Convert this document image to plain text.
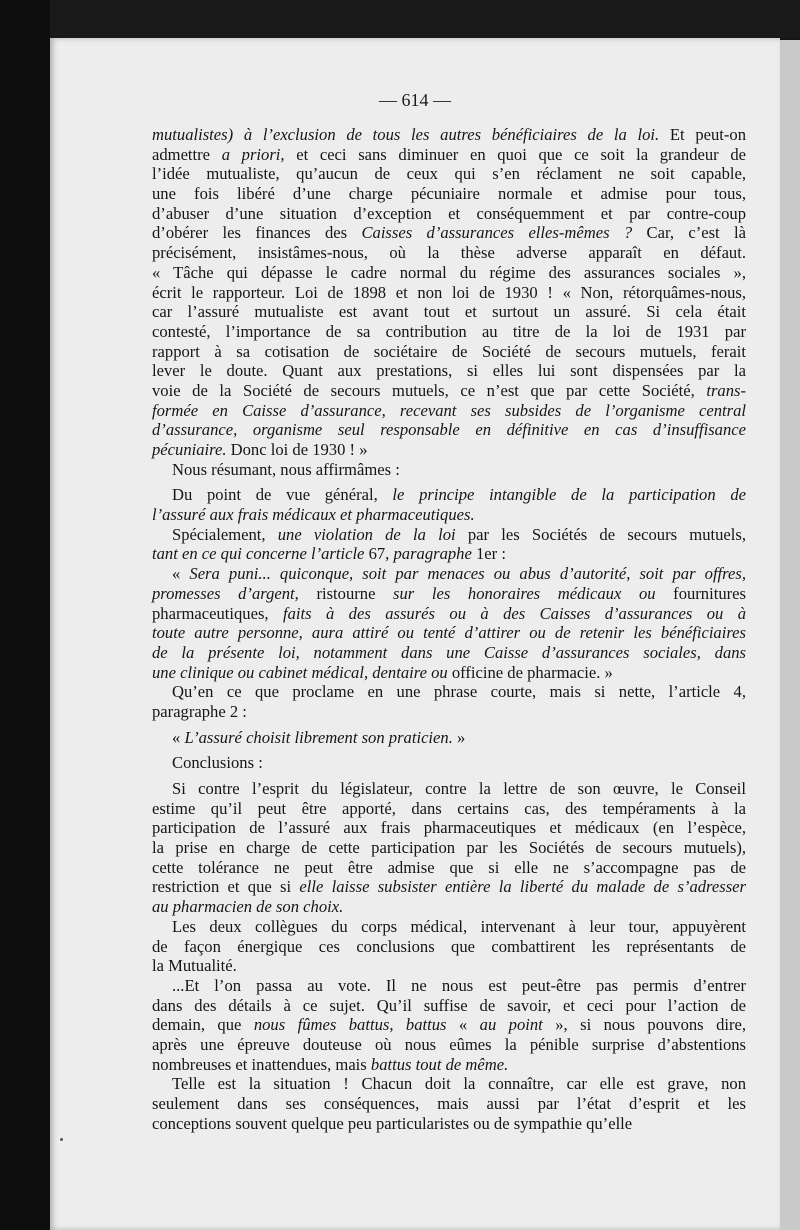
— 614 —
mutualistes) à l’exclusion de tous les autres bénéficiaires de la loi. Et peut-on
admettre a priori, et ceci sans diminuer en quoi que ce soit la grandeur de
l’idée mutualiste, qu’aucun de ceux qui s’en réclament ne soit capable,
une fois libéré d’une charge pécuniaire normale et admise pour tous,
d’abuser d’une situation d’exception et conséquemment et par contre-coup
d’obérer les finances des Caisses d’assurances elles-mêmes ? Car, c’est là
précisément, insistâmes-nous, où la thèse adverse apparaît en défaut.
« Tâche qui dépasse le cadre normal du régime des assurances sociales »,
écrit le rapporteur. Loi de 1898 et non loi de 1930 ! « Non, rétorquâmes-nous,
car l’assuré mutualiste est avant tout et surtout un assuré. Si cela était
contesté, l’importance de sa contribution au titre de la loi de 1931 par
rapport à sa cotisation de sociétaire de Société de secours mutuels, ferait
lever le doute. Quant aux prestations, si elles lui sont dispensées par la
voie de la Société de secours mutuels, ce n’est que par cette Société, trans-
formée en Caisse d’assurance, recevant ses subsides de l’organisme central
d’assurance, organisme seul responsable en définitive en cas d’insuffisance
pécuniaire. Donc loi de 1930 ! »
Nous résumant, nous affirmâmes :
Du point de vue général, le principe intangible de la participation de
l’assuré aux frais médicaux et pharmaceutiques.
Spécialement, une violation de la loi par les Sociétés de secours mutuels,
tant en ce qui concerne l’article 67, paragraphe 1er :
« Sera puni... quiconque, soit par menaces ou abus d’autorité, soit par offres,
promesses d’argent, ristourne sur les honoraires médicaux ou fournitures
pharmaceutiques, faits à des assurés ou à des Caisses d’assurances ou à
toute autre personne, aura attiré ou tenté d’attirer ou de retenir les bénéficiaires
de la présente loi, notamment dans une Caisse d’assurances sociales, dans
une clinique ou cabinet médical, dentaire ou officine de pharmacie. »
Qu’en ce que proclame en une phrase courte, mais si nette, l’article 4,
paragraphe 2 :
« L’assuré choisit librement son praticien. »
Conclusions :
Si contre l’esprit du législateur, contre la lettre de son œuvre, le Conseil
estime qu’il peut être apporté, dans certains cas, des tempéraments à la
participation de l’assuré aux frais pharmaceutiques et médicaux (en l’espèce,
la prise en charge de cette participation par les Sociétés de secours mutuels),
cette tolérance ne peut être admise que si elle ne s’accompagne pas de
restriction et que si elle laisse subsister entière la liberté du malade de s’adresser
au pharmacien de son choix.
Les deux collègues du corps médical, intervenant à leur tour, appuyèrent
de façon énergique ces conclusions que combattirent les représentants de
la Mutualité.
...Et l’on passa au vote. Il ne nous est peut-être pas permis d’entrer
dans des détails à ce sujet. Qu’il suffise de savoir, et ceci pour l’action de
demain, que nous fûmes battus, battus « au point », si nous pouvons dire,
après une épreuve douteuse où nous eûmes la pénible surprise d’abstentions
nombreuses et inattendues, mais battus tout de même.
Telle est la situation ! Chacun doit la connaître, car elle est grave, non
seulement dans ses conséquences, mais aussi par l’état d’esprit et les
conceptions souvent quelque peu particularistes ou de sympathie qu’elle
